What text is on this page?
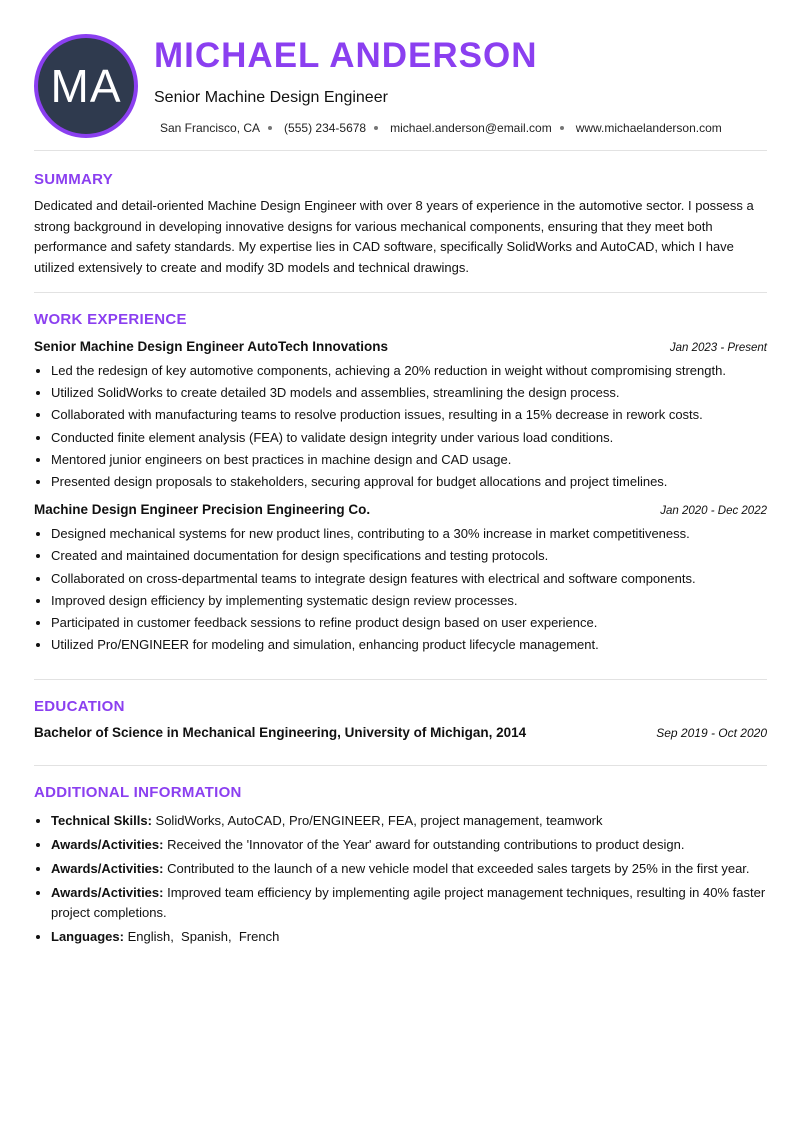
MA
MICHAEL ANDERSON
Senior Machine Design Engineer
San Francisco, CA (555) 234-5678 michael.anderson@email.com www.michaelanderson.com
SUMMARY
Dedicated and detail-oriented Machine Design Engineer with over 8 years of experience in the automotive sector. I possess a strong background in developing innovative designs for various mechanical components, ensuring that they meet both performance and safety standards. My expertise lies in CAD software, specifically SolidWorks and AutoCAD, which I have utilized extensively to create and modify 3D models and technical drawings.
WORK EXPERIENCE
Senior Machine Design Engineer AutoTech Innovations	Jan 2023 - Present
• Led the redesign of key automotive components, achieving a 20% reduction in weight without compromising strength.
• Utilized SolidWorks to create detailed 3D models and assemblies, streamlining the design process.
• Collaborated with manufacturing teams to resolve production issues, resulting in a 15% decrease in rework costs.
• Conducted finite element analysis (FEA) to validate design integrity under various load conditions.
• Mentored junior engineers on best practices in machine design and CAD usage.
• Presented design proposals to stakeholders, securing approval for budget allocations and project timelines.
Machine Design Engineer Precision Engineering Co.	Jan 2020 - Dec 2022
• Designed mechanical systems for new product lines, contributing to a 30% increase in market competitiveness.
• Created and maintained documentation for design specifications and testing protocols.
• Collaborated on cross-departmental teams to integrate design features with electrical and software components.
• Improved design efficiency by implementing systematic design review processes.
• Participated in customer feedback sessions to refine product design based on user experience.
• Utilized Pro/ENGINEER for modeling and simulation, enhancing product lifecycle management.
EDUCATION
Bachelor of Science in Mechanical Engineering, University of Michigan, 2014	Sep 2019 - Oct 2020
ADDITIONAL INFORMATION
• Technical Skills: SolidWorks, AutoCAD, Pro/ENGINEER, FEA, project management, teamwork
• Awards/Activities: Received the 'Innovator of the Year' award for outstanding contributions to product design.
• Awards/Activities: Contributed to the launch of a new vehicle model that exceeded sales targets by 25% in the first year.
• Awards/Activities: Improved team efficiency by implementing agile project management techniques, resulting in 40% faster project completions.
• Languages: English,  Spanish,  French
